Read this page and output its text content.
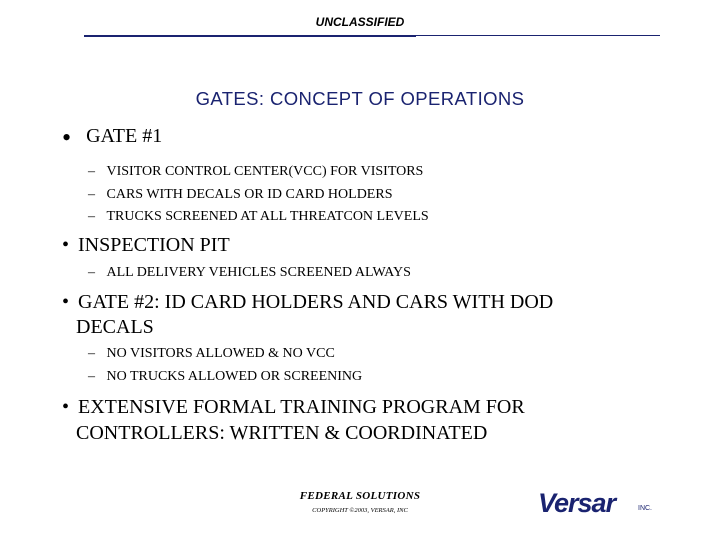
UNCLASSIFIED
GATES: CONCEPT OF OPERATIONS
• GATE #1
– VISITOR CONTROL CENTER(VCC) FOR VISITORS
– CARS WITH DECALS OR ID CARD HOLDERS
– TRUCKS SCREENED AT ALL THREATCON LEVELS
• INSPECTION PIT
– ALL DELIVERY VEHICLES SCREENED ALWAYS
• GATE #2: ID CARD HOLDERS AND CARS WITH DOD
DECALS
– NO VISITORS ALLOWED & NO VCC
– NO TRUCKS ALLOWED OR SCREENING
• EXTENSIVE FORMAL TRAINING PROGRAM FOR
CONTROLLERS: WRITTEN & COORDINATED
FEDERAL SOLUTIONS
COPYRIGHT ©2003, VERSAR, INC	Versar	INC.
